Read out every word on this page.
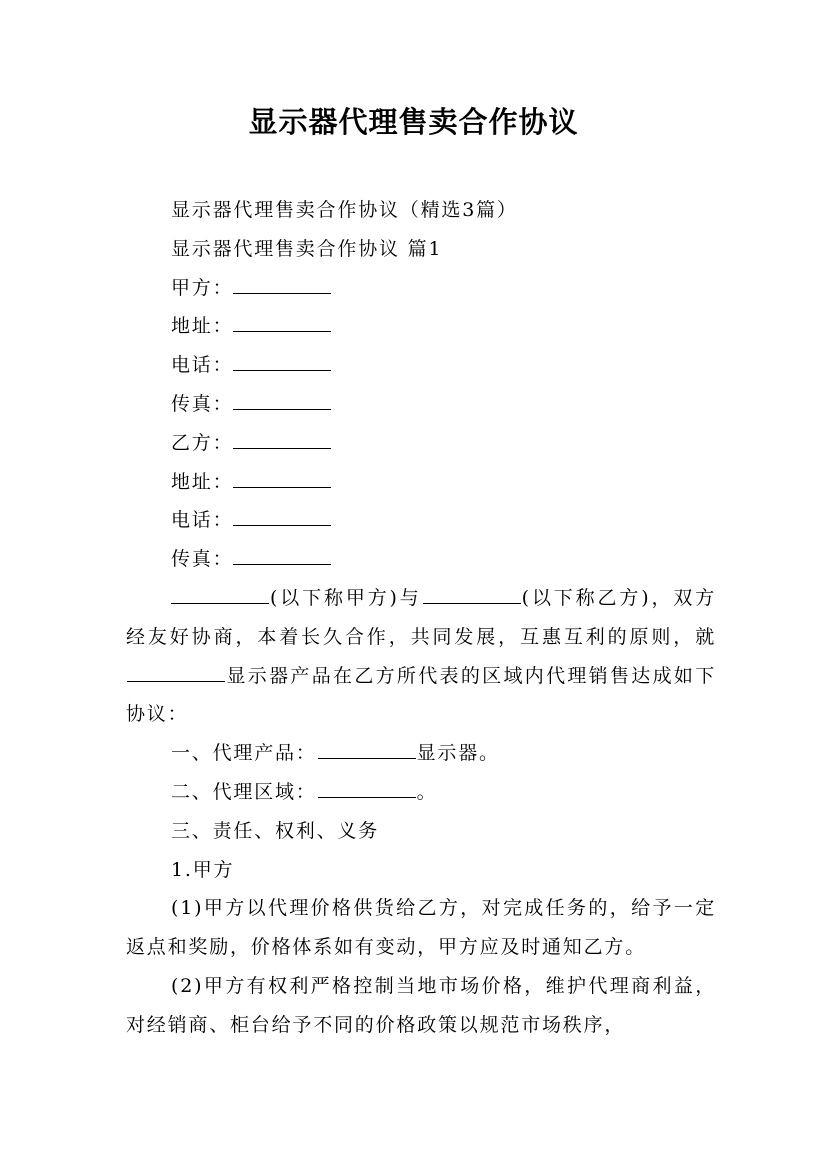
显示器代理售卖合作协议

显示器代理售卖合作协议（精选3篇）

显示器代理售卖合作协议 篇1

甲方：

地址：

电话：

传真：

乙方：

地址：

电话：

传真：

(以下称甲方)与	(以下称乙方)，双方经友好协商，本着长久合作，共同发展，互惠互利的原则，就显示器产品在乙方所代表的区域内代理销售达成如下协议：

一、代理产品：	显示器。

二、代理区域：	。

三、责任、权利、义务

1.甲方

(1)甲方以代理价格供货给乙方，对完成任务的，给予一定返点和奖励，价格体系如有变动，甲方应及时通知乙方。

(2)甲方有权利严格控制当地市场价格，维护代理商利益，对经销商、柜台给予不同的价格政策以规范市场秩序，
